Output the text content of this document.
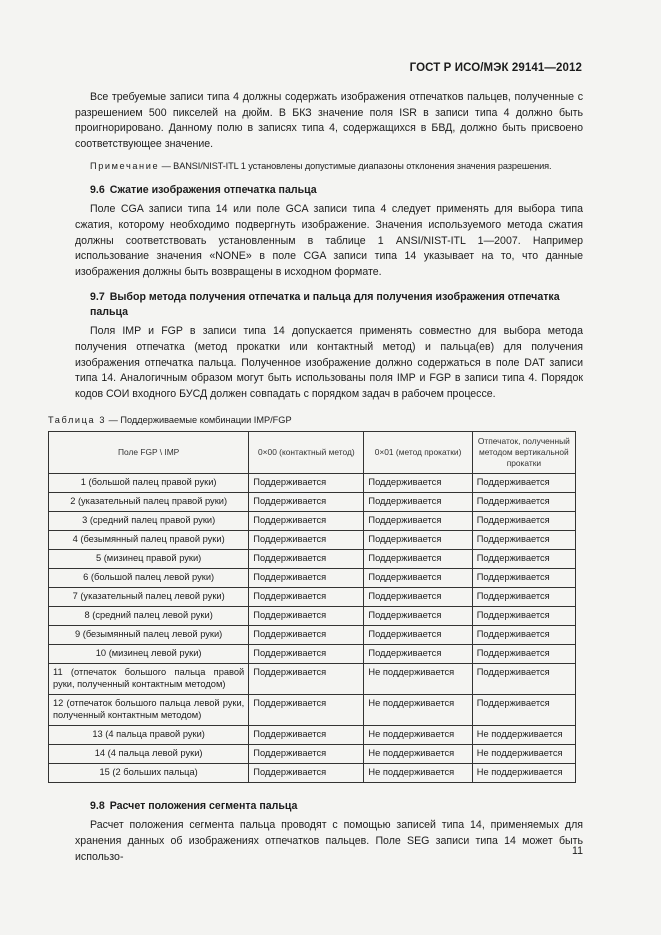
ГОСТ Р ИСО/МЭК 29141—2012

Все требуемые записи типа 4 должны содержать изображения отпечатков пальцев, полученные с разрешением 500 пикселей на дюйм. В БКЗ значение поля ISR в записи типа 4 должно быть проигнорировано. Данному полю в записях типа 4, содержащихся в БВД, должно быть присвоено соответствующее значение.

Примечание — ВANSI/NIST-ITL 1 установлены допустимые диапазоны отклонения значения разрешения.

9.6 Сжатие изображения отпечатка пальца

Поле CGA записи типа 14 или поле GCA записи типа 4 следует применять для выбора типа сжатия, которому необходимо подвергнуть изображение. Значения используемого метода сжатия должны соответствовать установленным в таблице 1 ANSI/NIST-ITL 1—2007. Например использование значения «NONE» в поле CGA записи типа 14 указывает на то, что данные изображения должны быть возвращены в исходном формате.

9.7 Выбор метода получения отпечатка и пальца для получения изображения отпечатка пальца

Поля IMP и FGP в записи типа 14 допускается применять совместно для выбора метода получения отпечатка (метод прокатки или контактный метод) и пальца(ев) для получения изображения отпечатка пальца. Полученное изображение должно содержаться в поле DAT записи типа 14. Аналогичным образом могут быть использованы поля IMP и FGP в записи типа 4. Порядок кодов СОИ входного БУСД должен совпадать с порядком задач в рабочем процессе.

Таблица 3 — Поддерживаемые комбинации IMP/FGP
Поле FGP \ IMP	0×00 (контактный метод)	0×01 (метод прокатки)	Отпечаток, полученный методом вертикальной прокатки
1 (большой палец правой руки)	Поддерживается	Поддерживается	Поддерживается
2 (указательный палец правой руки)	Поддерживается	Поддерживается	Поддерживается
3 (средний палец правой руки)	Поддерживается	Поддерживается	Поддерживается
4 (безымянный палец правой руки)	Поддерживается	Поддерживается	Поддерживается
5 (мизинец правой руки)	Поддерживается	Поддерживается	Поддерживается
6 (большой палец левой руки)	Поддерживается	Поддерживается	Поддерживается
7 (указательный палец левой руки)	Поддерживается	Поддерживается	Поддерживается
8 (средний палец левой руки)	Поддерживается	Поддерживается	Поддерживается
9 (безымянный палец левой руки)	Поддерживается	Поддерживается	Поддерживается
10 (мизинец левой руки)	Поддерживается	Поддерживается	Поддерживается
11 (отпечаток большого пальца правой руки, полученный контактным методом)	Поддерживается	Не поддерживается	Поддерживается
12 (отпечаток большого пальца левой руки, полученный контактным методом)	Поддерживается	Не поддерживается	Поддерживается
13 (4 пальца правой руки)	Поддерживается	Не поддерживается	Не поддерживается
14 (4 пальца левой руки)	Поддерживается	Не поддерживается	Не поддерживается
15 (2 больших пальца)	Поддерживается	Не поддерживается	Не поддерживается
9.8 Расчет положения сегмента пальца

Расчет положения сегмента пальца проводят с помощью записей типа 14, применяемых для хранения данных об изображениях отпечатков пальцев. Поле SEG записи типа 14 может быть использо-	11
